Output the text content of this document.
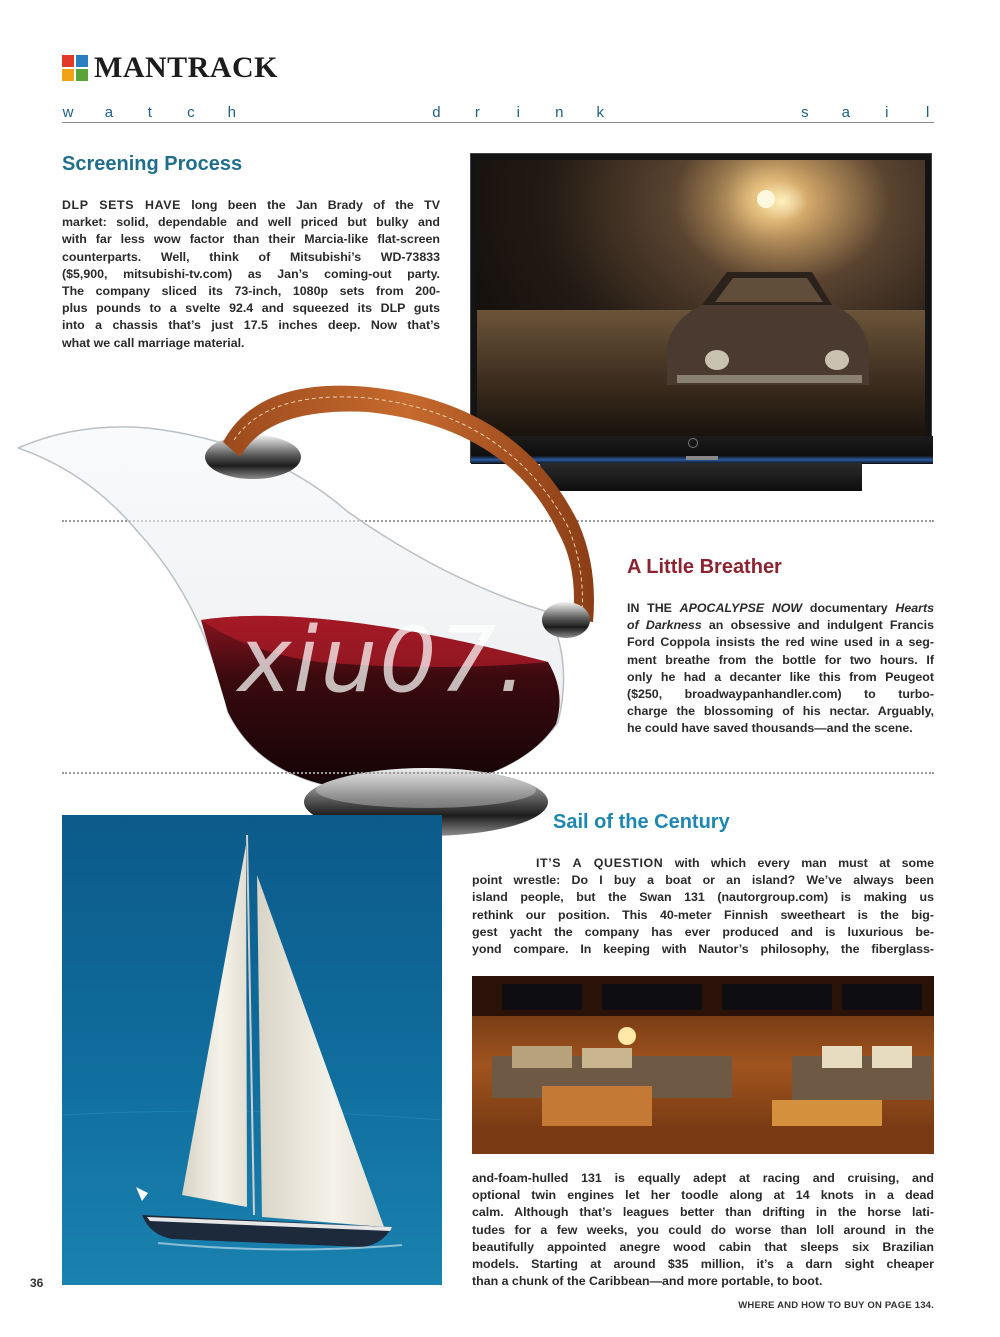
MANTRACK
w a t c h	d r i n k	s a i	l
Screening Process
DLP SETS HAVE long been the Jan Brady of the TV
market: solid, dependable and well priced but bulky and
with far less wow factor than their Marcia-like flat-screen
counterparts. Well, think of Mitsubishi’s WD-73833
($5,900, mitsubishi-tv.com) as Jan’s coming-out party.
The company sliced its 73-inch, 1080p sets from 200-
plus pounds to a svelte 92.4 and squeezed its DLP guts
into a chassis that’s just 17.5 inches deep. Now that’s
what we call marriage material.
A Little Breather
IN THE APOCALYPSE NOW documentary Hearts
of Darkness an obsessive and indulgent Francis
Ford Coppola insists the red wine used in a seg-
ment breathe from the bottle for two hours. If
only he had a decanter like this from Peugeot
($250, broadwaypanhandler.com) to turbo-
charge the blossoming of his nectar. Arguably,
he could have saved thousands—and the scene.
xiu07.
Sail of the Century
IT’S A QUESTION with which every man must at some
point wrestle: Do I buy a boat or an island? We’ve always been
island people, but the Swan 131 (nautorgroup.com) is making us
rethink our position. This 40-meter Finnish sweetheart is the big-
gest yacht the company has ever produced and is luxurious be-
yond compare. In keeping with Nautor’s philosophy, the fiberglass-
and-foam-hulled 131 is equally adept at racing and cruising, and
optional twin engines let her toodle along at 14 knots in a dead
calm. Although that’s leagues better than drifting in the horse lati-
tudes for a few weeks, you could do worse than loll around in the
beautifully appointed anegre wood cabin that sleeps six Brazilian
models. Starting at around $35 million, it’s a darn sight cheaper
than a chunk of the Caribbean—and more portable, to boot.
36
WHERE AND HOW TO BUY ON PAGE 134.
